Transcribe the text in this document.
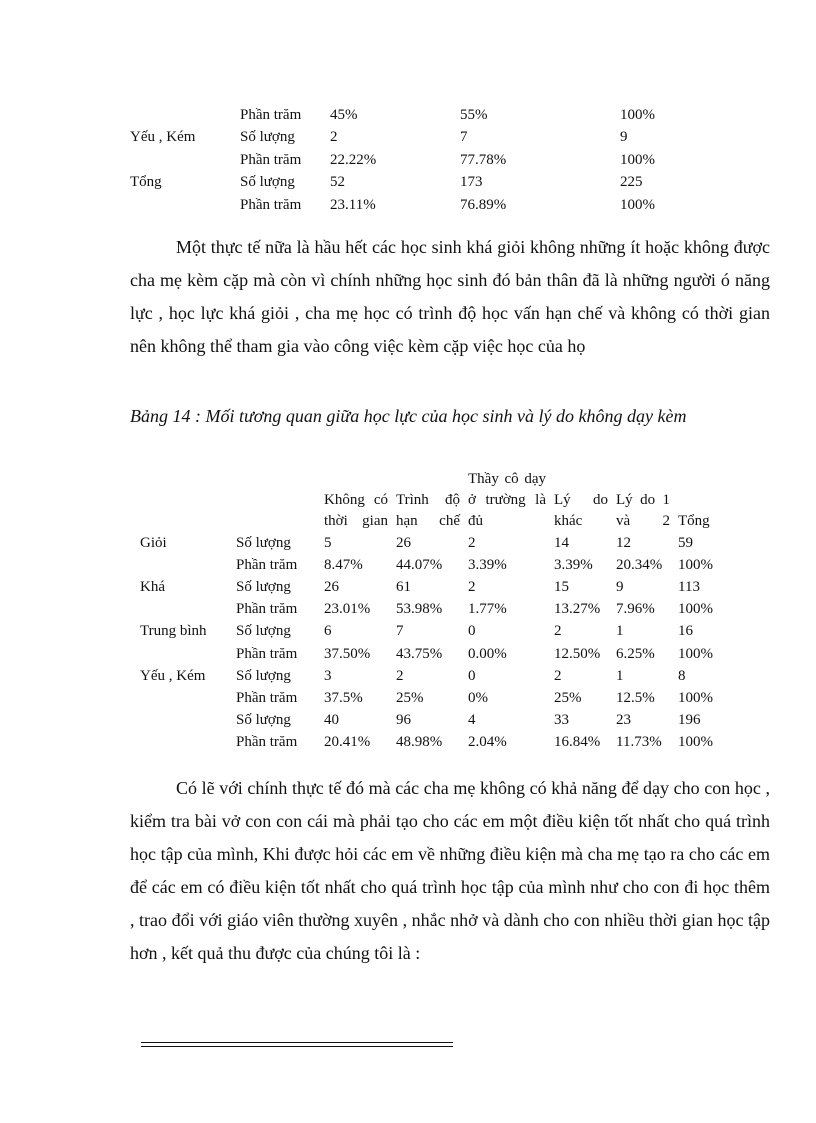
	Phần trăm	45%	55%	100%
Yếu , Kém	Số lượng	2	7	9
	Phần trăm	22.22%	77.78%	100%
Tổng	Số lượng	52	173	225
	Phần trăm	23.11%	76.89%	100%

Một thực tế nữa là hầu hết các học sinh khá giỏi không những ít hoặc không được cha mẹ kèm cặp mà còn vì chính những học sinh đó bản thân đã là những người ó năng lực , học lực khá giỏi , cha mẹ học có trình độ học vấn hạn chế và không có thời gian nên không thể tham gia vào công việc kèm cặp việc học của họ

Bảng 14 : Mối tương quan giữa học lực của học sinh và lý do không dạy kèm

		Không có thời gian	Trình độ hạn chế	Thầy cô dạy ở trường là đủ	Lý do khác	Lý do 1 và 2	Tổng

Giỏi	Số lượng	5	26	2	14	12	59
	Phần trăm	8.47%	44.07%	3.39%	3.39%	20.34%	100%
Khá	Số lượng	26	61	2	15	9	113
	Phần trăm	23.01%	53.98%	1.77%	13.27%	7.96%	100%
Trung bình	Số lượng	6	7	0	2	1	16
	Phần trăm	37.50%	43.75%	0.00%	12.50%	6.25%	100%
Yếu , Kém	Số lượng	3	2	0	2	1	8
	Phần trăm	37.5%	25%	0%	25%	12.5%	100%
	Số lượng	40	96	4	33	23	196
	Phần trăm	20.41%	48.98%	2.04%	16.84%	11.73%	100%

Có lẽ với chính thực tế đó mà các cha mẹ không có khả năng để dạy cho con học , kiểm tra bài vở con con cái mà phải tạo cho các em một điều kiện tốt nhất cho quá trình học tập của mình, Khi được hỏi các em về những điều kiện mà cha mẹ tạo ra cho các em để các em có điều kiện tốt nhất cho quá trình học tập của mình như cho con đi học thêm , trao đổi với giáo viên thường xuyên , nhắc nhở và dành cho con nhiều thời gian học tập hơn , kết quả thu được của chúng tôi là :
